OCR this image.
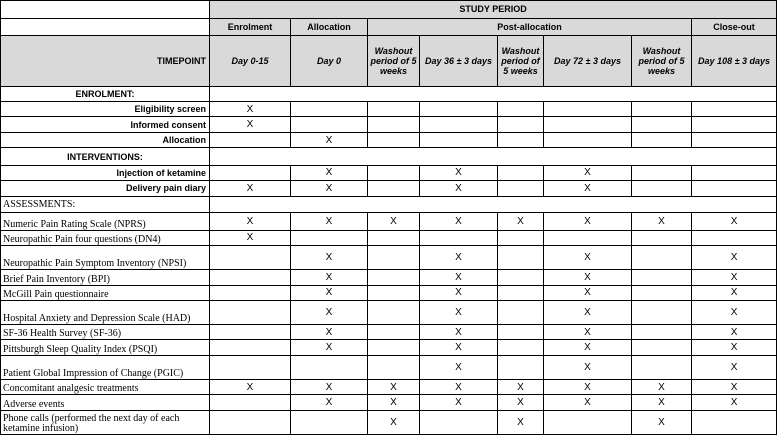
	STUDY PERIOD							
	Enrolment	Allocation	Post-allocation					Close-out
TIMEPOINT	Day 0-15	Day 0	Washout period of 5 weeks	Day 36 ± 3 days	Washout period of 5 weeks	Day 72 ± 3 days	Washout period of 5 weeks	Day 108 ± 3 days
ENROLMENT:								
Eligibility screen	X							
Informed consent	X							
Allocation		X						
INTERVENTIONS:								
Injection of ketamine		X		X		X		
Delivery pain diary	X	X		X		X		
ASSESSMENTS:								
Numeric Pain Rating Scale (NPRS)	X	X	X	X	X	X	X	X
Neuropathic Pain four questions (DN4)	X							
Neuropathic Pain Symptom Inventory (NPSI)		X		X		X		X
Brief Pain Inventory (BPI)		X		X		X		X
McGill Pain questionnaire		X		X		X		X
Hospital Anxiety and Depression Scale (HAD)		X		X		X		X
SF-36 Health Survey (SF-36)		X		X		X		X
Pittsburgh Sleep Quality Index (PSQI)		X		X		X		X
Patient Global Impression of Change (PGIC)				X		X		X
Concomitant analgesic treatments	X	X	X	X	X	X	X	X
Adverse events		X	X	X	X	X	X	X
Phone calls (performed the next day of each ketamine infusion)			X		X		X	
